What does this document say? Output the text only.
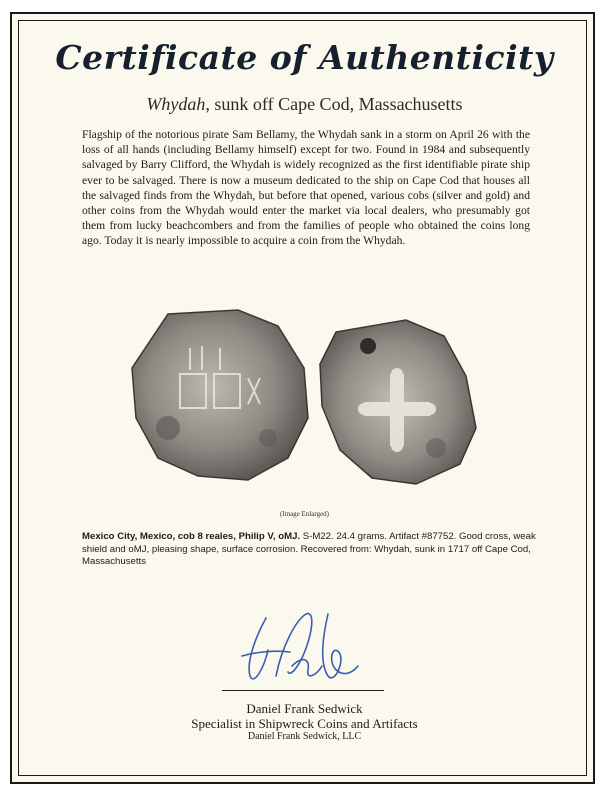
Certificate of Authenticity
Whydah, sunk off Cape Cod, Massachusetts
Flagship of the notorious pirate Sam Bellamy, the Whydah sank in a storm on April 26 with the loss of all hands (including Bellamy himself) except for two. Found in 1984 and subsequently salvaged by Barry Clifford, the Whydah is widely recognized as the first identifiable pirate ship ever to be salvaged. There is now a museum dedicated to the ship on Cape Cod that houses all the salvaged finds from the Whydah, but before that opened, various cobs (silver and gold) and other coins from the Whydah would enter the market via local dealers, who presumably got them from lucky beachcombers and from the families of people who obtained the coins long ago. Today it is nearly impossible to acquire a coin from the Whydah.
(Image Enlarged)
Mexico City, Mexico, cob 8 reales, Philip V, oMJ. S-M22. 24.4 grams. Artifact #87752. Good cross, weak shield and oMJ, pleasing shape, surface corrosion. Recovered from: Whydah, sunk in 1717 off Cape Cod, Massachusetts
Daniel Frank Sedwick
Specialist in Shipwreck Coins and Artifacts
Daniel Frank Sedwick, LLC
